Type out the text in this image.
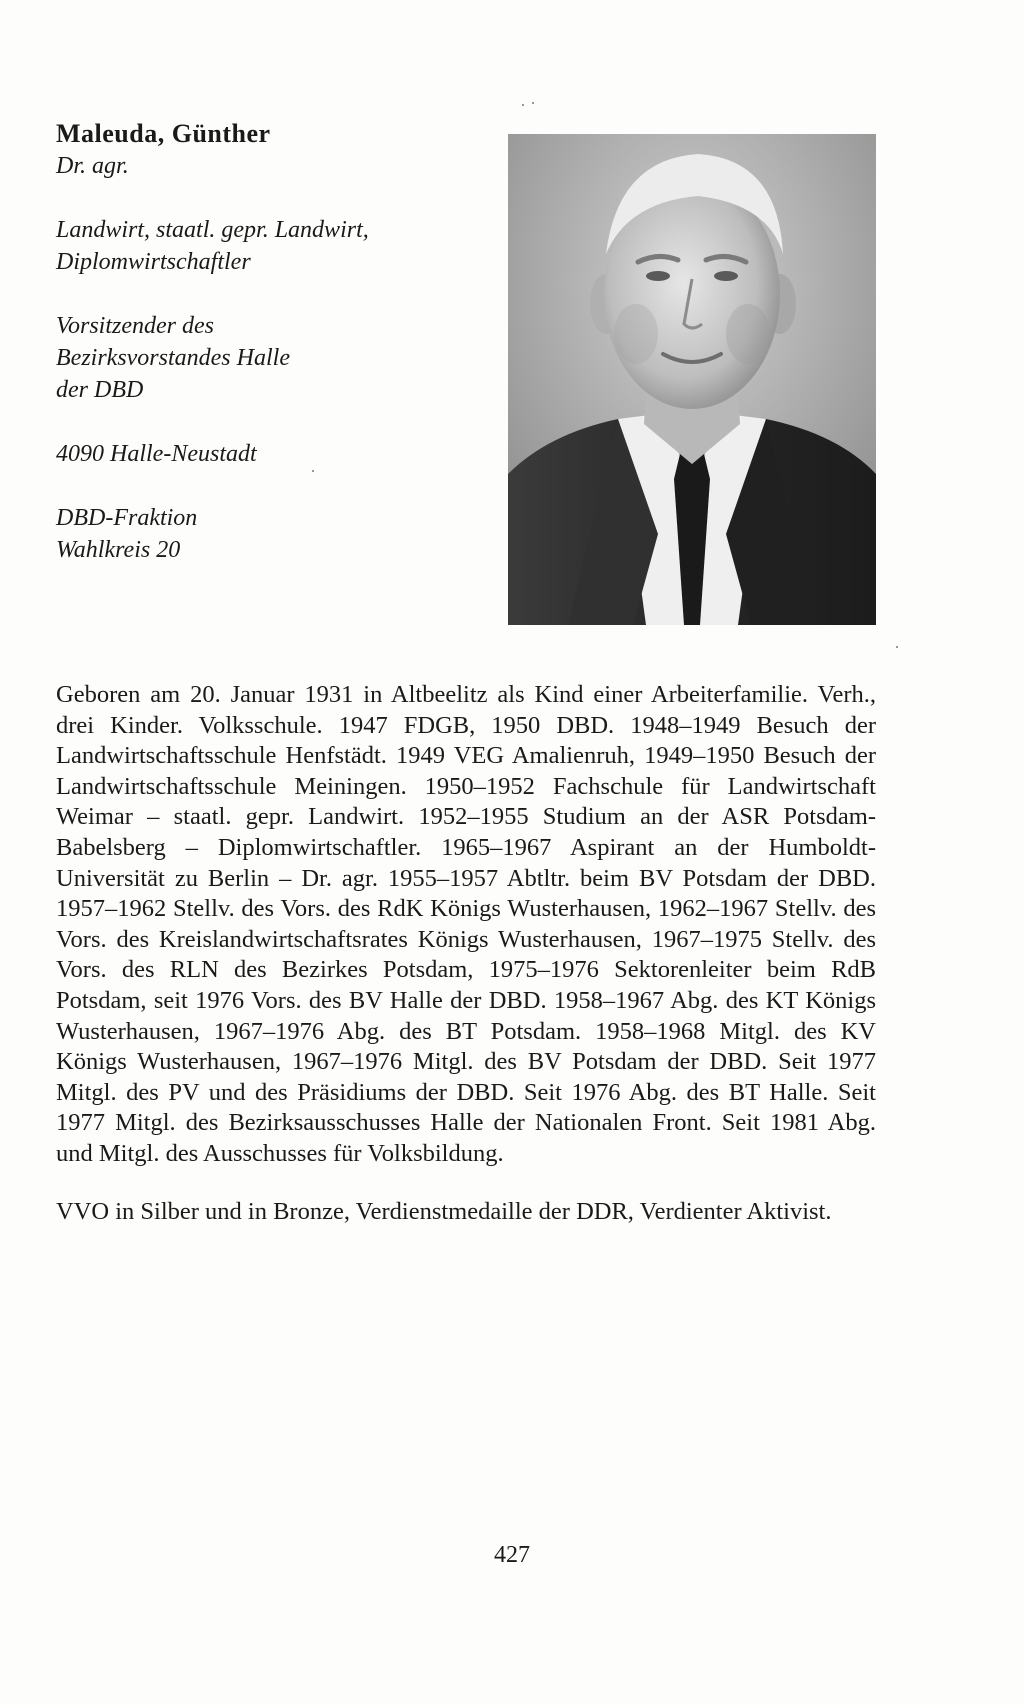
Maleuda, Günther

Dr. agr.

Landwirt, staatl. gepr. Landwirt,

Diplomwirtschaftler

Vorsitzender des

Bezirksvorstandes Halle

der DBD

4090 Halle-Neustadt

DBD-Fraktion

Wahlkreis 20

Geboren am 20. Januar 1931 in Altbeelitz als Kind einer Arbeiterfamilie. Verh., drei Kinder. Volksschule. 1947 FDGB, 1950 DBD. 1948–1949 Besuch der Landwirtschaftsschule Henfstädt. 1949 VEG Amalienruh, 1949–1950 Besuch der Landwirtschaftsschule Meiningen. 1950–1952 Fachschule für Landwirtschaft Weimar – staatl. gepr. Landwirt. 1952–1955 Studium an der ASR Potsdam-Babelsberg – Diplomwirtschaftler. 1965–1967 Aspirant an der Humboldt-Universität zu Berlin – Dr. agr. 1955–1957 Abtltr. beim BV Potsdam der DBD. 1957–1962 Stellv. des Vors. des RdK Königs Wusterhausen, 1962–1967 Stellv. des Vors. des Kreislandwirtschaftsrates Königs Wusterhausen, 1967–1975 Stellv. des Vors. des RLN des Bezirkes Potsdam, 1975–1976 Sektorenleiter beim RdB Potsdam, seit 1976 Vors. des BV Halle der DBD. 1958–1967 Abg. des KT Königs Wusterhausen, 1967–1976 Abg. des BT Potsdam. 1958–1968 Mitgl. des KV Königs Wusterhausen, 1967–1976 Mitgl. des BV Potsdam der DBD. Seit 1977 Mitgl. des PV und des Präsidiums der DBD. Seit 1976 Abg. des BT Halle. Seit 1977 Mitgl. des Bezirksausschusses Halle der Nationalen Front. Seit 1981 Abg. und Mitgl. des Ausschusses für Volksbildung.

VVO in Silber und in Bronze, Verdienstmedaille der DDR, Verdienter Aktivist.

427
